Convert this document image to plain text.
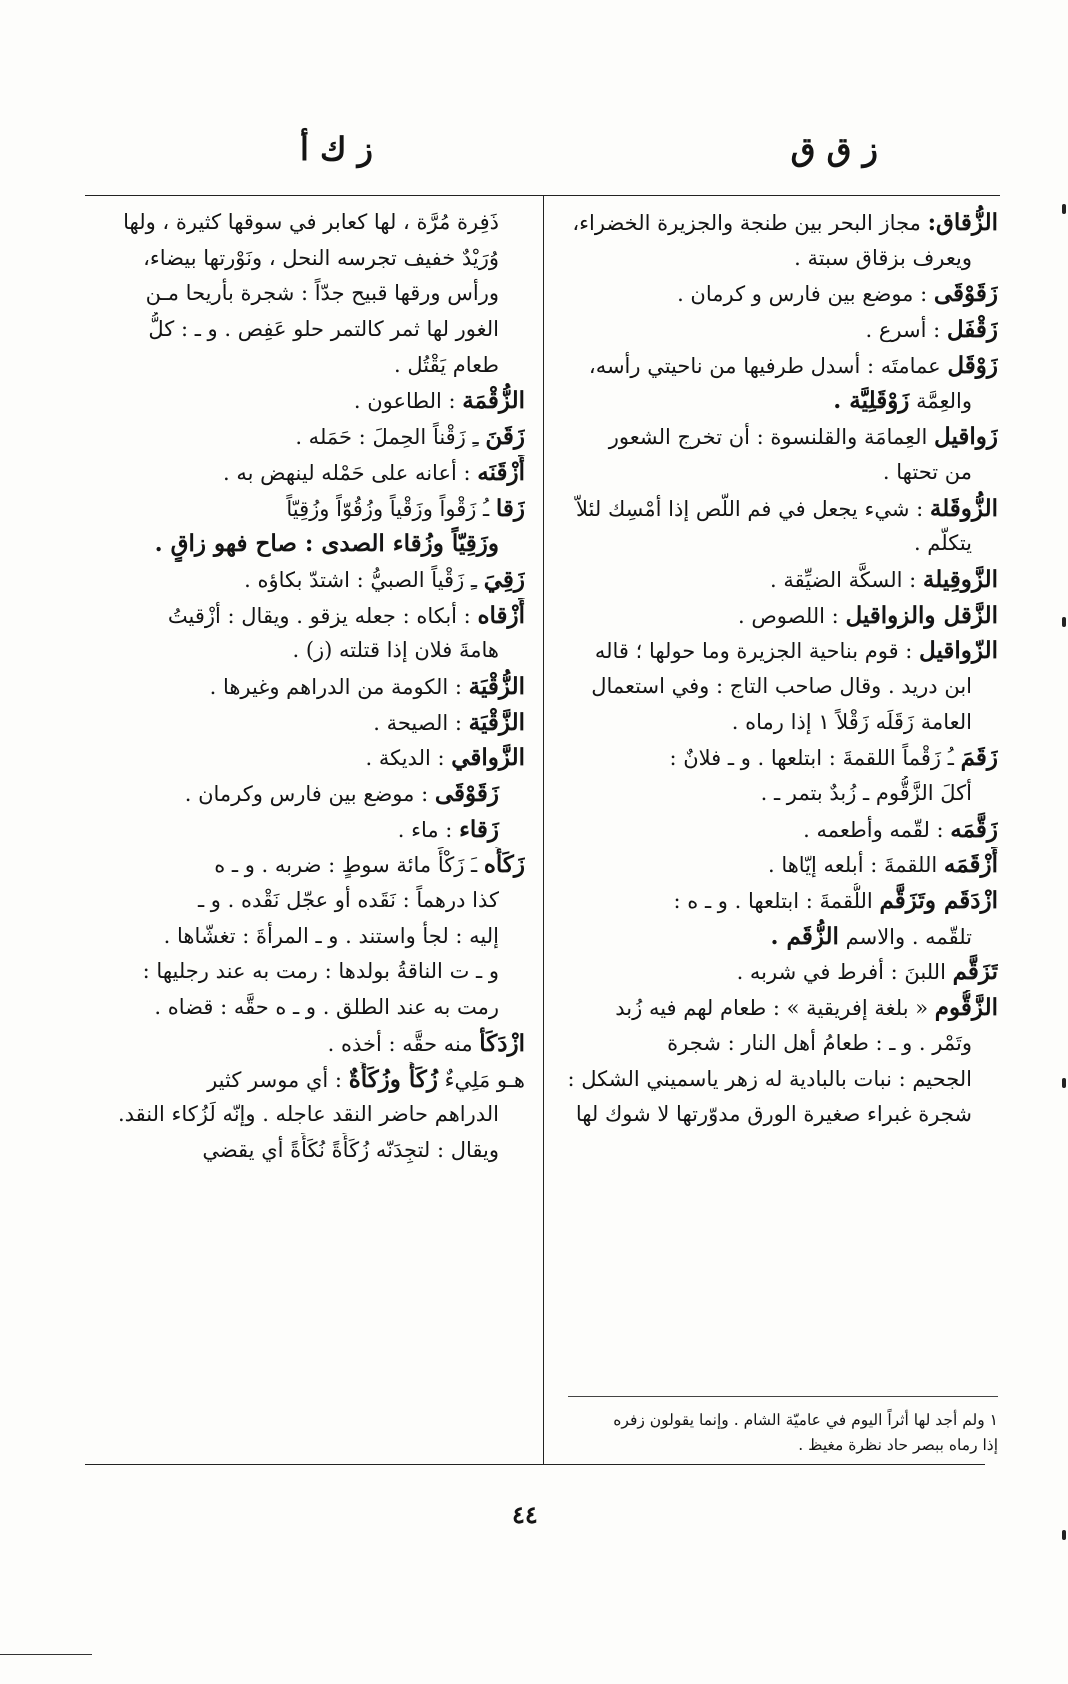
ز ق ق
ز ك أ
الزُّقاق: مجاز البحر بين طنجة والجزيرة الخضراء،
ويعرف بزقاق سبتة .
زَقَوْقَى : موضع بين فارس و كرمان .
زَقْفَل : أسرع .
زَوْقَل عمامتَه : أسدل طرفيها من ناحيتي رأسه،
والعِمَّة زَوْقَلِيَّة .
زَواقيل العِمامَة والقلنسوة : أن تخرج الشعور
من تحتها .
الزُّوقَلة : شيء يجعل في فم اللّص إذا أمْسِك لئلاّ
يتكلّم .
الزَّوقِيلة : السكَّة الضيِّقة .
الزَّقل والزواقيل : اللصوص .
الزّواقيل : قوم بناحية الجزيرة وما حولها ؛ قاله
ابن دريد . وقال صاحب التاج : وفي استعمال
العامة زَقَلَه زَقْلاً ١ إذا رماه .
زَقَمَ ـُ زَقْماً اللقمةَ : ابتلعها . و ـ فلانٌ :
أكلَ الزَّقُّوم ـ زُبدٌ بتمر ـ .
زَقَّمَه : لقّمه وأطعمه .
أَزْقَمَه اللقمةَ : أبلعه إيّاها .
ازْدَقَم وتَزَقَّم اللُّقمةَ : ابتلعها . و ـ ه :
تلقّمه . والاسم الزُّقَم .
تَزَقَّم اللبنَ : أفرط في شربه .
الزَّقُّوم « بلغة إفريقية » : طعام لهم فيه زُبد
وتَمْر . و ـ : طعامُ أهل النار : شجرة
الجحيم : نبات بالبادية له زهر ياسميني الشكل :
شجرة غبراء صغيرة الورق مدوّرتها لا شوك لها
١ ولم أجد لها أثراً اليوم في عاميّة الشام . وإنما يقولون زفره
إذا رماه ببصر حاد نظرة مغيظ .
ذَفِرة مُرَّة ، لها كعابر في سوقها كثيرة ، ولها
وُرَيْدٌ خفيف تجرسه النحل ، ونَوْرتها بيضاء،
ورأس ورقها قبيح جدّاً : شجرة بأريحا مـن
الغور لها ثمر كالتمر حلو عَفِص . و ـ : كلُّ
طعام يَقْتُل .
الزُّقْمَة : الطاعون .
زَقَنَ ـِ زَقْناً الحِملَ : حَمَله .
أَزْقَنَه : أعانه على حَمْله لينهض به .
زَقا ـُ زَقْواً وزَقْياً وزُقُوّاً وزُقِيّاً
وزَقِيّاً وزُقاء الصدى : صاح فهو زاقٍ .
زَقِيَ ـِ زَقْياً الصبيُّ : اشتدّ بكاؤه .
أَزْقاه : أبكاه : جعله يزقو . ويقال : أزْقيتُ
هامةَ فلان إذا قتلته (ز) .
الزُّقْيَة : الكومة من الدراهم وغيرها .
الزَّقْيَة : الصيحة .
الزَّواقي : الديكة .
زَقَوْقَى : موضع بين فارس وكرمان .
زَقاء : ماء .
زَكَأَه ـَ زَكْأً مائة سوطٍ : ضربه . و ـ ه
كذا درهماً : نَقَده أو عجّل نَقْده . و ـ
إليه : لجأ واستند . و ـ المرأةَ : تغشّاها .
و ـ ت الناقةُ بولدها : رمت به عند رجليها :
رمت به عند الطلق . و ـ ه حقَّه : قضاه .
ازْدَكَأ منه حقَّه : أخذه .
هـو مَلِيءٌ زُكَأٌ وزُكَأَةٌ : أي موسر كثير
الدراهم حاضر النقد عاجله . وإنّه لَزُكاء النقد.
ويقال : لتجِدَنّه زُكَأَةً نُكَأَةً أي يقضي
٤٤
